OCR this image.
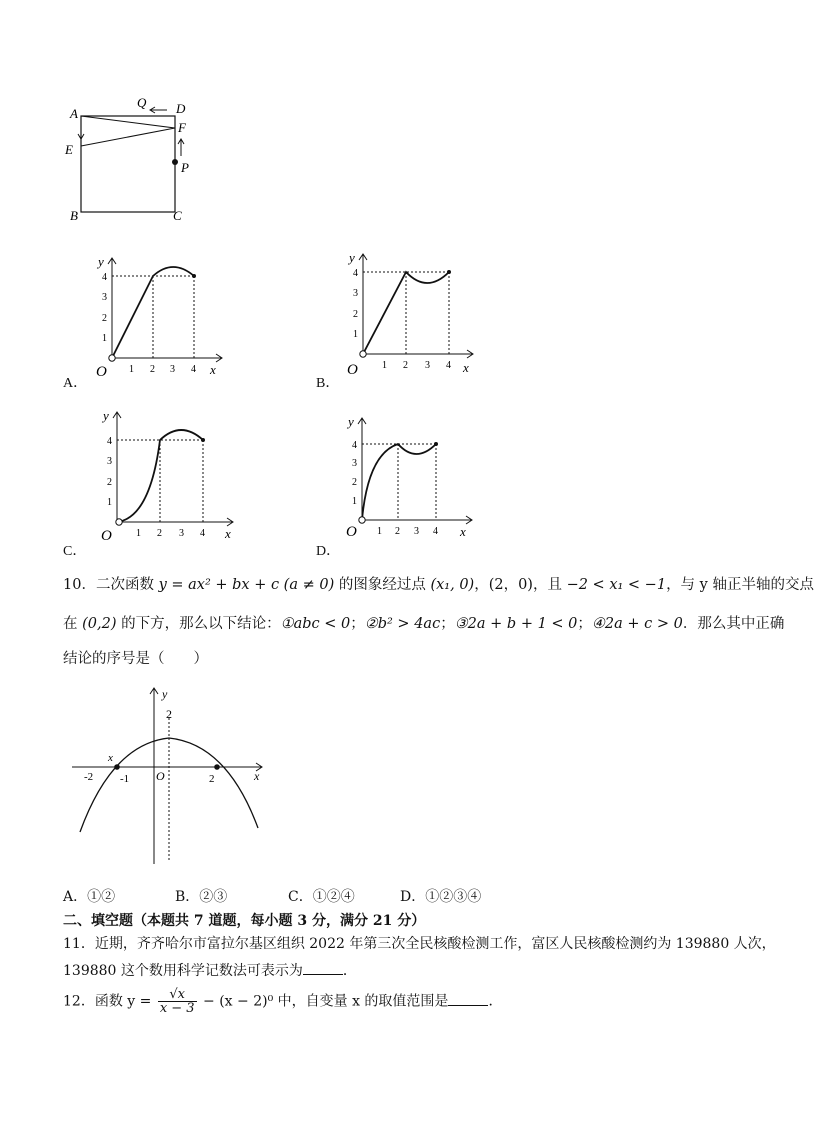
A	D
Q
E
F
P
B	C
y
x
O 1 2 3 4
1
2
3
4
A．
y
x
O 1 2 3 4
1
2
3
4
B．
y
x
O 1 2 3 4
1
2
3
4
C．
y
x
O 1 2 3 4
1
2
3
4
D．
10．二次函数 y = ax² + bx + c (a ≠ 0) 的图象经过点 (x₁, 0)，(2，0)，且 −2 < x₁ < −1，与 y 轴正半轴的交点
在 (0,2) 的下方，那么以下结论：①abc < 0；②b² > 4ac；③2a + b + 1 < 0；④2a + c > 0．那么其中正确
结论的序号是（　　）
y
2
x
x
-2 -1 O	2
A．①②	B．②③	C．①②④	D．①②③④
二、填空题（本题共 7 道题，每小题 3 分，满分 21 分）
11．近期，齐齐哈尔市富拉尔基区组织 2022 年第三次全民核酸检测工作，富区人民核酸检测约为 139880 人次，
139880 这个数用科学记数法可表示为	．
12．函数 $y = \frac{√x}{x - 3} - (x - 2)^0$ 中，自变量 x 的取值范围是	．
